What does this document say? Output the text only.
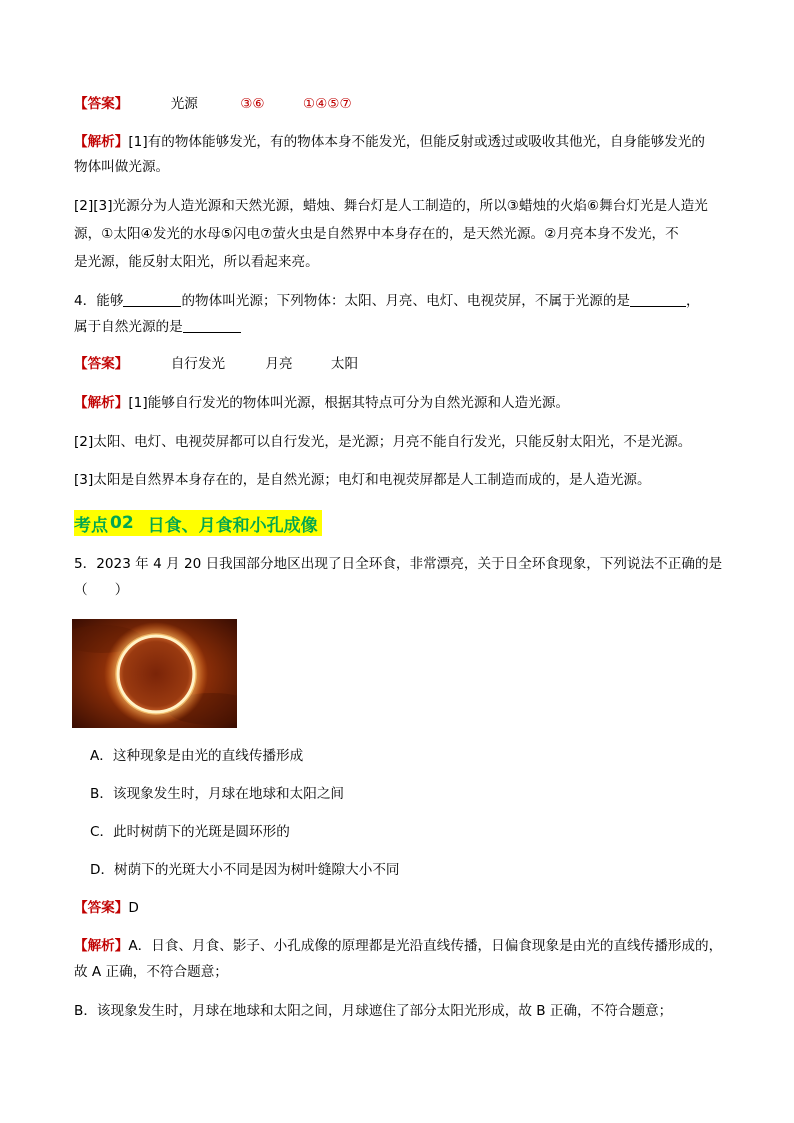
【答案】	光源	③⑥	①④⑤⑦
【解析】[1]有的物体能够发光，有的物体本身不能发光，但能反射或透过或吸收其他光，自身能够发光的
物体叫做光源。
[2][3]光源分为人造光源和天然光源，蜡烛、舞台灯是人工制造的，所以③蜡烛的火焰⑥舞台灯光是人造光
源，①太阳④发光的水母⑤闪电⑦萤火虫是自然界中本身存在的，是天然光源。②月亮本身不发光，不
是光源，能反射太阳光，所以看起来亮。
4．能够	的物体叫光源；下列物体：太阳、月亮、电灯、电视荧屏，不属于光源的是	，
属于自然光源的是
【答案】	自行发光	月亮	太阳
【解析】[1]能够自行发光的物体叫光源，根据其特点可分为自然光源和人造光源。
[2]太阳、电灯、电视荧屏都可以自行发光，是光源；月亮不能自行发光，只能反射太阳光，不是光源。
[3]太阳是自然界本身存在的，是自然光源；电灯和电视荧屏都是人工制造而成的，是人造光源。
考点 02 日食、月食和小孔成像
5．2023 年 4 月 20 日我国部分地区出现了日全环食，非常漂亮，关于日全环食现象，下列说法不正确的是
（　　）
A．这种现象是由光的直线传播形成
B．该现象发生时，月球在地球和太阳之间
C．此时树荫下的光斑是圆环形的
D．树荫下的光斑大小不同是因为树叶缝隙大小不同
【答案】D
【解析】A．日食、月食、影子、小孔成像的原理都是光沿直线传播，日偏食现象是由光的直线传播形成的，
故 A 正确，不符合题意；
B．该现象发生时，月球在地球和太阳之间，月球遮住了部分太阳光形成，故 B 正确，不符合题意；
